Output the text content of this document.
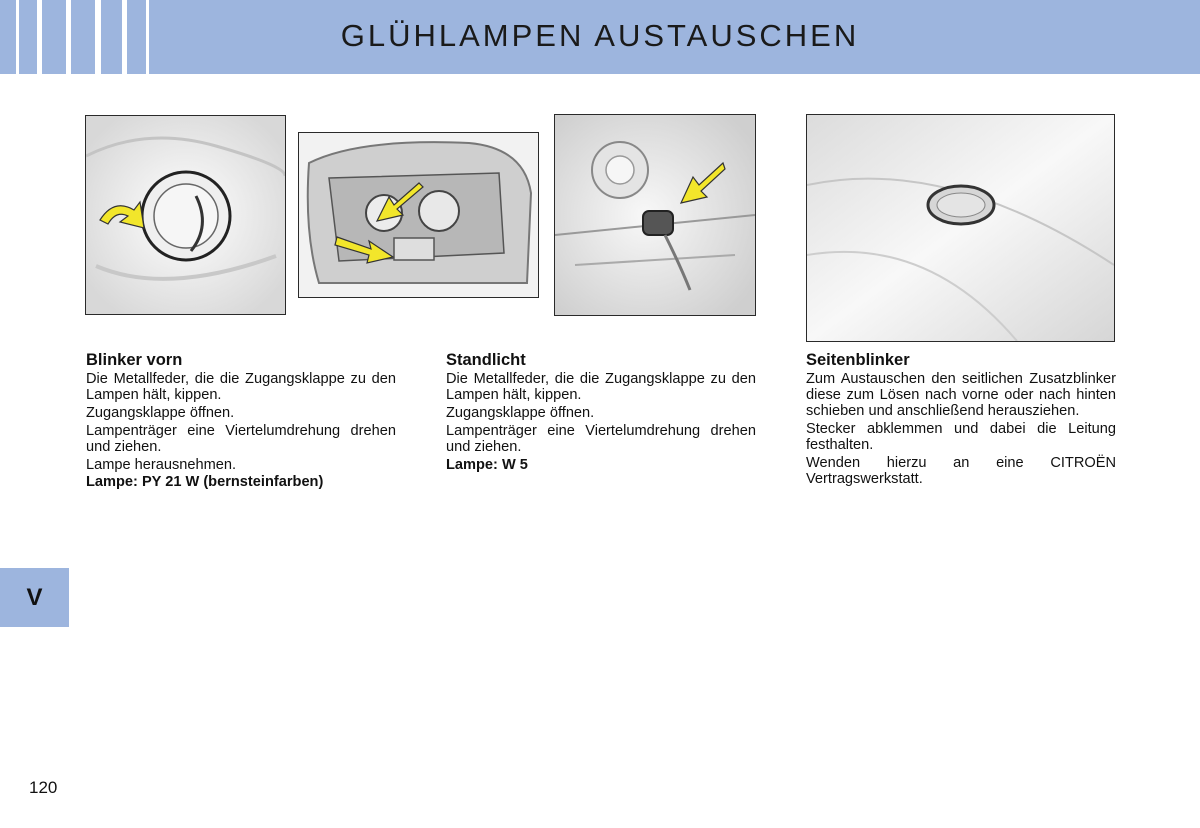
GLÜHLAMPEN AUSTAUSCHEN
Blinker vorn

Die Metallfeder, die die Zugangsklappe zu den Lampen hält, kippen.

Zugangsklappe öffnen.

Lampenträger eine Viertelumdrehung drehen und ziehen.

Lampe herausnehmen.

Lampe: PY 21 W (bernsteinfarben)

Standlicht

Die Metallfeder, die die Zugangsklappe zu den Lampen hält, kippen.

Zugangsklappe öffnen.

Lampenträger eine Viertelumdrehung drehen und ziehen.

Lampe: W 5

Seitenblinker

Zum Austauschen den seitlichen Zusatzblinker diese zum Lösen nach vorne oder nach hinten schieben und anschließend herausziehen.

Stecker abklemmen und dabei die Leitung festhalten.

Wenden hierzu an eine CITROËN Vertragswerkstatt.

V
120
